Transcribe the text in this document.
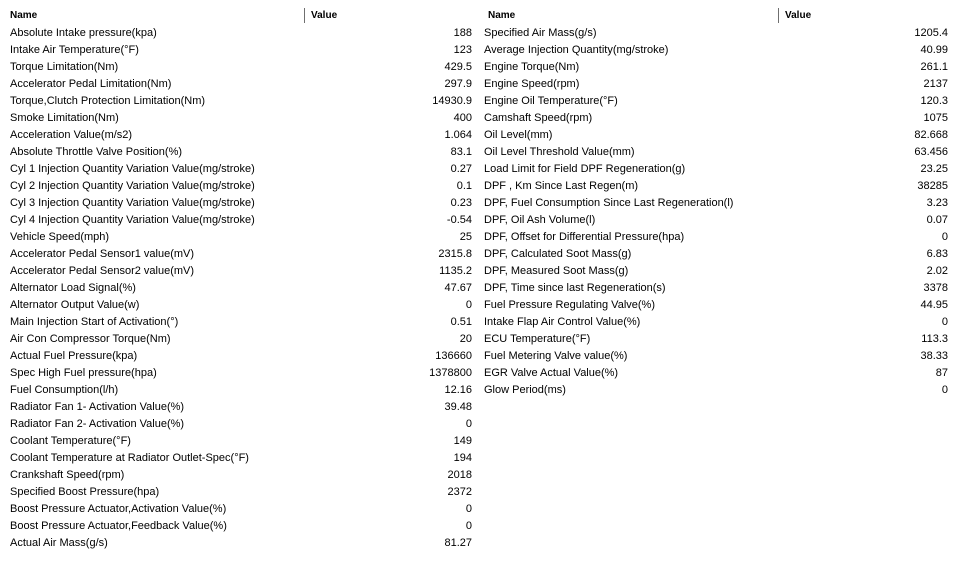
Name	Value
Absolute Intake pressure(kpa)	188
Intake Air Temperature(°F)	123
Torque Limitation(Nm)	429.5
Accelerator Pedal Limitation(Nm)	297.9
Torque,Clutch Protection Limitation(Nm)	14930.9
Smoke Limitation(Nm)	400
Acceleration Value(m/s2)	1.064
Absolute Throttle Valve Position(%)	83.1
Cyl 1 Injection Quantity Variation Value(mg/stroke)	0.27
Cyl 2 Injection Quantity Variation Value(mg/stroke)	0.1
Cyl 3 Injection Quantity Variation Value(mg/stroke)	0.23
Cyl 4 Injection Quantity Variation Value(mg/stroke)	-0.54
Vehicle Speed(mph)	25
Accelerator Pedal Sensor1 value(mV)	2315.8
Accelerator Pedal Sensor2 value(mV)	1135.2
Alternator Load Signal(%)	47.67
Alternator Output Value(w)	0
Main Injection Start of Activation(°)	0.51
Air Con Compressor Torque(Nm)	20
Actual Fuel Pressure(kpa)	136660
Spec High Fuel pressure(hpa)	1378800
Fuel Consumption(l/h)	12.16
Radiator Fan 1- Activation Value(%)	39.48
Radiator Fan 2- Activation Value(%)	0
Coolant Temperature(°F)	149
Coolant Temperature at Radiator Outlet-Spec(°F)	194
Crankshaft Speed(rpm)	2018
Specified Boost Pressure(hpa)	2372
Boost Pressure Actuator,Activation Value(%)	0
Boost Pressure Actuator,Feedback Value(%)	0
Actual Air Mass(g/s)	81.27
Name	Value
Specified Air Mass(g/s)	1205.4
Average Injection Quantity(mg/stroke)	40.99
Engine Torque(Nm)	261.1
Engine Speed(rpm)	2137
Engine Oil Temperature(°F)	120.3
Camshaft Speed(rpm)	1075
Oil Level(mm)	82.668
Oil Level Threshold Value(mm)	63.456
Load Limit for Field DPF Regeneration(g)	23.25
DPF , Km Since Last Regen(m)	38285
DPF, Fuel Consumption Since Last Regeneration(l)	3.23
DPF, Oil Ash Volume(l)	0.07
DPF, Offset for Differential Pressure(hpa)	0
DPF, Calculated Soot Mass(g)	6.83
DPF, Measured Soot Mass(g)	2.02
DPF, Time since last Regeneration(s)	3378
Fuel Pressure Regulating Valve(%)	44.95
Intake Flap Air Control Value(%)	0
ECU Temperature(°F)	113.3
Fuel Metering Valve value(%)	38.33
EGR Valve Actual Value(%)	87
Glow Period(ms)	0
